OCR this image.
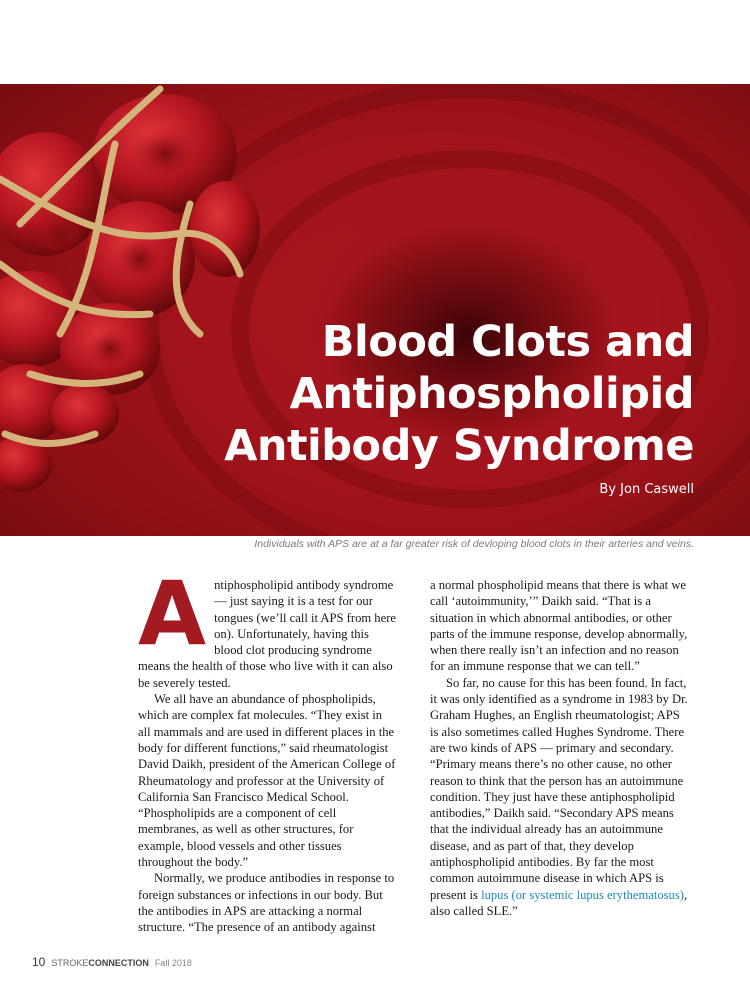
Blood Clots and
Antiphospholipid
Antibody Syndrome
By Jon Caswell

Individuals with APS are at a far greater risk of devloping blood clots in their arteries and veins.

A ntiphospholipid antibody syndrome — just saying it is a test for our tongues (we’ll call it APS from here on). Unfortunately, having this blood clot producing syndrome means the health of those who live with it can also be severely tested.

We all have an abundance of phospholipids, which are complex fat molecules. “They exist in all mammals and are used in different places in the body for different functions,” said rheumatologist David Daikh, president of the American College of Rheumatology and professor at the University of California San Francisco Medical School. “Phospholipids are a component of cell membranes, as well as other structures, for example, blood vessels and other tissues throughout the body.”

Normally, we produce antibodies in response to foreign substances or infections in our body. But the antibodies in APS are attacking a normal structure. “The presence of an antibody against

a normal phospholipid means that there is what we call ‘autoimmunity,’” Daikh said. “That is a situation in which abnormal antibodies, or other parts of the immune response, develop abnormally, when there really isn’t an infection and no reason for an immune response that we can tell.”

So far, no cause for this has been found. In fact, it was only identified as a syndrome in 1983 by Dr. Graham Hughes, an English rheumatologist; APS is also sometimes called Hughes Syndrome. There are two kinds of APS — primary and secondary. “Primary means there’s no other cause, no other reason to think that the person has an autoimmune condition. They just have these antiphospholipid antibodies,” Daikh said. “Secondary APS means that the individual already has an autoimmune disease, and as part of that, they develop antiphospholipid antibodies. By far the most common autoimmune disease in which APS is present is lupus (or systemic lupus erythematosus), also called SLE.”

10 STROKECONNECTION Fall 2018
